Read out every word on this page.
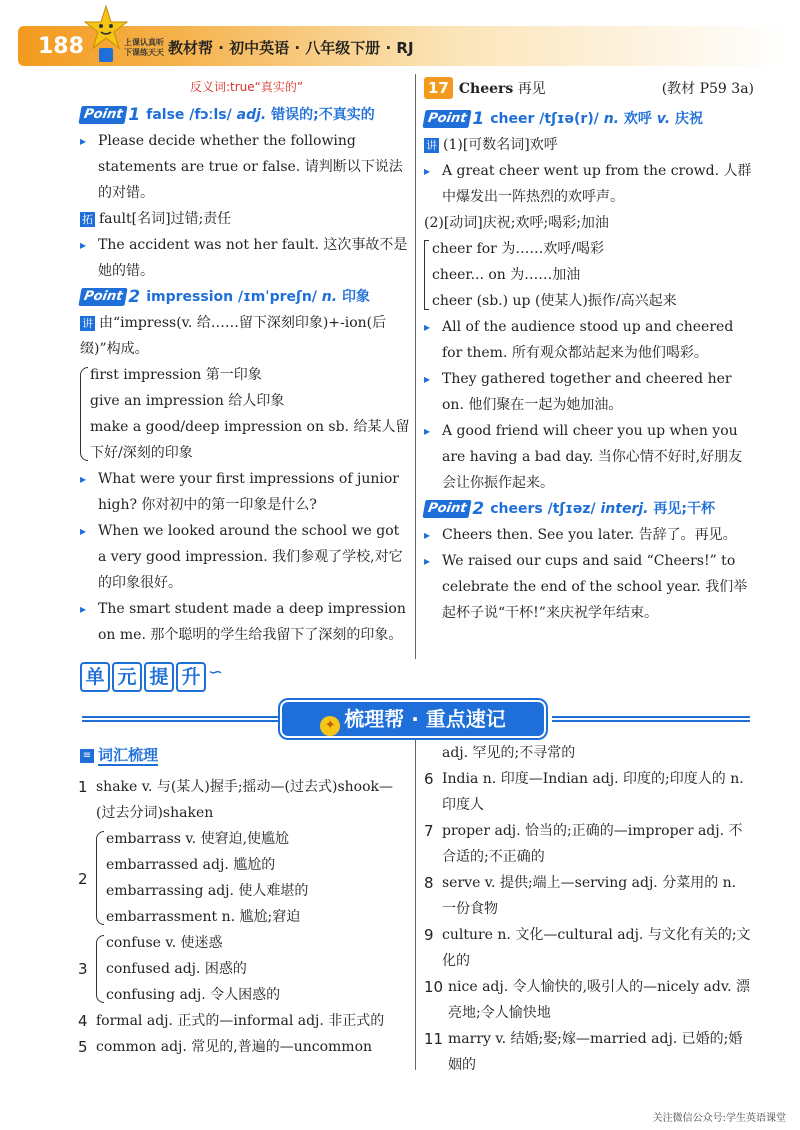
188	上课认真听
下课练天天 教材帮 · 初中英语 · 八年级下册 · RJ
反义词:true“真实的”
Point 1 false /fɔːls/ adj. 错误的;不真实的
▸ Please decide whether the following statements are true or false. 请判断以下说法的对错。
拓 fault[名词]过错;责任
▸ The accident was not her fault. 这次事故不是她的错。
Point 2 impression /ɪmˈpreʃn/ n. 印象
讲 由“impress(v. 给……留下深刻印象)+-ion(后缀)”构成。
first impression 第一印象
give an impression 给人印象
make a good/deep impression on sb. 给某人留下好/深刻的印象
▸ What were your first impressions of junior high? 你对初中的第一印象是什么?
▸ When we looked around the school we got a very good impression. 我们参观了学校,对它的印象很好。
▸ The smart student made a deep impression on me. 那个聪明的学生给我留下了深刻的印象。
17 Cheers 再见	(教材 P59 3a)
Point 1 cheer /tʃɪə(r)/ n. 欢呼 v. 庆祝
讲 (1)[可数名词]欢呼
▸ A great cheer went up from the crowd. 人群中爆发出一阵热烈的欢呼声。
(2)[动词]庆祝;欢呼;喝彩;加油
cheer for 为……欢呼/喝彩
cheer... on 为……加油
cheer (sb.) up (使某人)振作/高兴起来
▸ All of the audience stood up and cheered for them. 所有观众都站起来为他们喝彩。
▸ They gathered together and cheered her on. 他们聚在一起为她加油。
▸ A good friend will cheer you up when you are having a bad day. 当你心情不好时,好朋友会让你振作起来。
Point 2 cheers /tʃɪəz/ interj. 再见;干杯
▸ Cheers then. See you later. 告辞了。再见。
▸ We raised our cups and said “Cheers!” to celebrate the end of the school year. 我们举起杯子说“干杯!”来庆祝学年结束。
单 元 提 升 ∽
✦ 梳理帮 · 重点速记
≡ 词汇梳理
1 shake v. 与(某人)握手;摇动—(过去式)shook—(过去分词)shaken
2
embarrass v. 使窘迫,使尴尬
embarrassed adj. 尴尬的
embarrassing adj. 使人难堪的
embarrassment n. 尴尬;窘迫
3
confuse v. 使迷惑
confused adj. 困惑的
confusing adj. 令人困惑的
4 formal adj. 正式的—informal adj. 非正式的
5 common adj. 常见的,普遍的—uncommon
adj. 罕见的;不寻常的
6 India n. 印度—Indian adj. 印度的;印度人的 n. 印度人
7 proper adj. 恰当的;正确的—improper adj. 不合适的;不正确的
8 serve v. 提供;端上—serving adj. 分菜用的 n. 一份食物
9 culture n. 文化—cultural adj. 与文化有关的;文化的
10 nice adj. 令人愉快的,吸引人的—nicely adv. 漂亮地;令人愉快地
11 marry v. 结婚;娶;嫁—married adj. 已婚的;婚姻的
关注微信公众号:学生英语课堂
